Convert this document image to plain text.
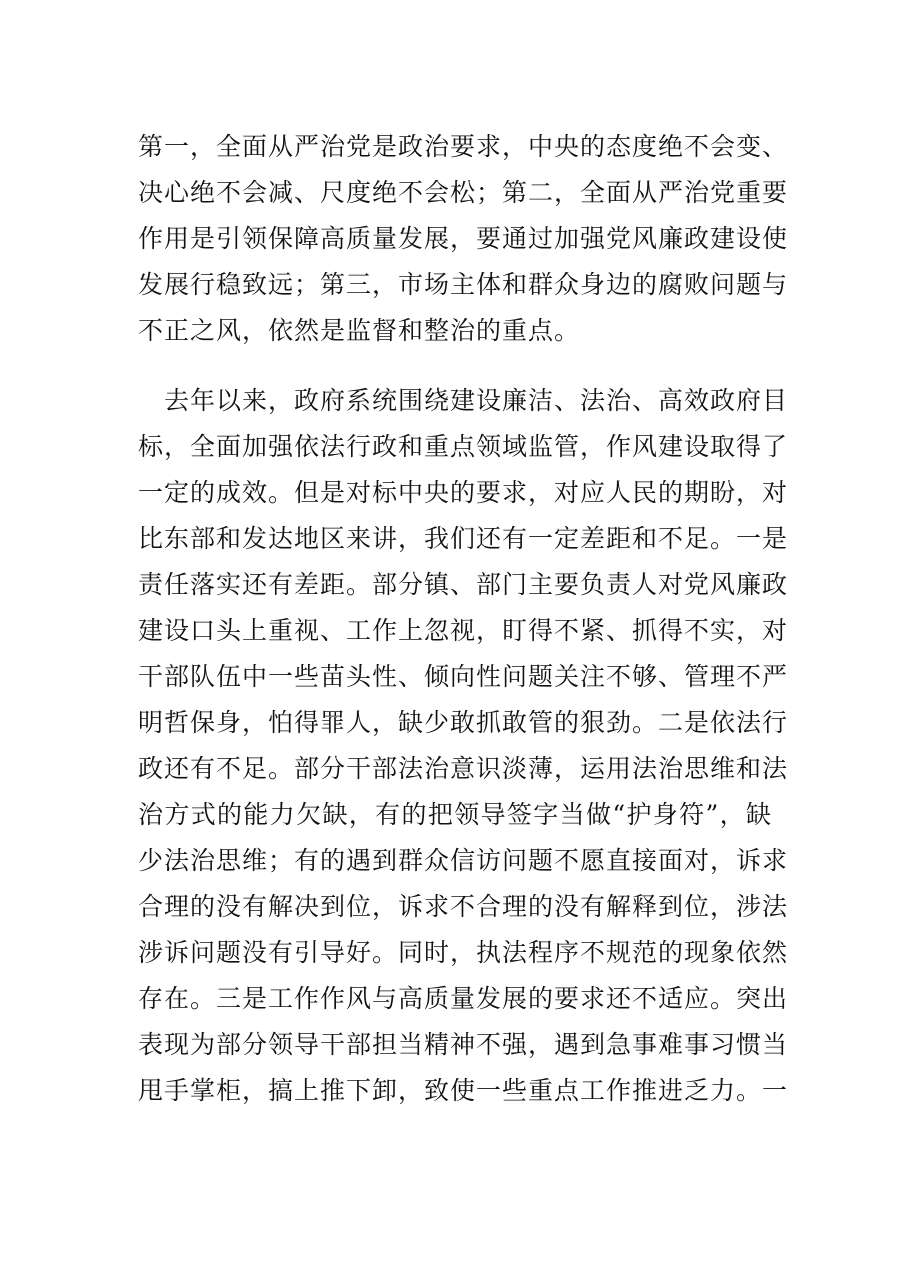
第一，全面从严治党是政治要求，中央的态度绝不会变、
决心绝不会减、尺度绝不会松；第二，全面从严治党重要
作用是引领保障高质量发展，要通过加强党风廉政建设使
发展行稳致远；第三，市场主体和群众身边的腐败问题与
不正之风，依然是监督和整治的重点。
　去年以来，政府系统围绕建设廉洁、法治、高效政府目
标，全面加强依法行政和重点领域监管，作风建设取得了
一定的成效。但是对标中央的要求，对应人民的期盼，对
比东部和发达地区来讲，我们还有一定差距和不足。一是
责任落实还有差距。部分镇、部门主要负责人对党风廉政
建设口头上重视、工作上忽视，盯得不紧、抓得不实，对
干部队伍中一些苗头性、倾向性问题关注不够、管理不严
明哲保身，怕得罪人，缺少敢抓敢管的狠劲。二是依法行
政还有不足。部分干部法治意识淡薄，运用法治思维和法
治方式的能力欠缺，有的把领导签字当做“护身符”，缺
少法治思维；有的遇到群众信访问题不愿直接面对，诉求
合理的没有解决到位，诉求不合理的没有解释到位，涉法
涉诉问题没有引导好。同时，执法程序不规范的现象依然
存在。三是工作作风与高质量发展的要求还不适应。突出
表现为部分领导干部担当精神不强，遇到急事难事习惯当
甩手掌柜，搞上推下卸，致使一些重点工作推进乏力。一
